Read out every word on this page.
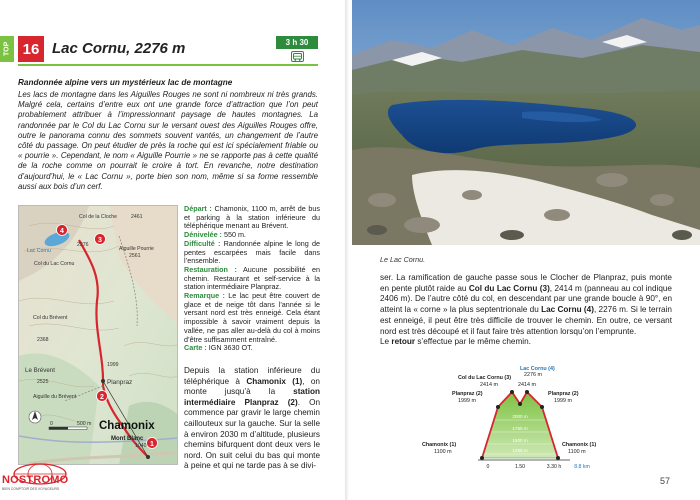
TOP 16 Lac Cornu, 2276 m	3 h 30
Randonnée alpine vers un mystérieux lac de montagne
Les lacs de montagne dans les Aiguilles Rouges ne sont ni nombreux ni très grands. Malgré cela, certains d’entre eux ont une grande force d’attraction que l’on peut probablement attribuer à l’impressionnant paysage de hautes montagnes. La randonnée par le Col du Lac Cornu sur le versant ouest des Aiguilles Rouges offre, outre le panorama connu des sommets souvent vantés, un changement de l’autre côté du passage. On peut étudier de près la roche qui est ici spécialement friable ou « pourrie ». Cependant, le nom « Aiguille Pourrie » ne se rapporte pas à cette qualité de la roche comme on pourrait le croire à tort. En revanche, notre destination d’aujourd’hui, le « Lac Cornu », porte bien son nom, même si sa forme ressemble aussi aux bois d’un cerf.
1
2
3
4
Col de la Cloche	2461
Aiguille Pourrie
2561
2276
Lac Cornu
Col du Lac Cornu
Col du Brévent
2368
1999
Planpraz
Le Brévent
2525
Aiguille du Brévent
Chamonix
Mont Blanc
1040
0	500 m
Départ : Chamonix, 1100 m, arrêt de bus et parking à la station inférieure du téléphérique menant au Brévent.
Dénivelée : 550 m.
Difficulté : Randonnée alpine le long de pentes escarpées mais facile dans l’ensemble.
Restauration : Aucune possibilité en chemin. Restaurant et self-service à la station intermédiaire Planpraz.
Remarque : Le lac peut être couvert de glace et de neige tôt dans l’année si le versant nord est très enneigé. Cela étant impossible à savoir vraiment depuis la vallée, ne pas aller au-delà du col à moins d’être suffisamment entraîné.
Carte : IGN 3630 OT.
Depuis la station inférieure du téléphérique à Chamonix (1), on monte jusqu’à la station intermédiaire Planpraz (2). On commence par gravir le large chemin caillouteux sur la gauche. Sur la selle à environ 2030 m d’altitude, plusieurs chemins bifurquent dont deux vers le nord. On suit celui du bas qui monte à peine et qui ne tarde pas à se divi-
NOSTROMO
BIEN COMPTOIR DES VOYAGEURS
Le Lac Cornu.
ser. La ramification de gauche passe sous le Clocher de Planpraz, puis monte en pente plutôt raide au Col du Lac Cornu (3), 2414 m (panneau au col indique 2406 m). De l’autre côté du col, en descendant par une grande boucle à 90°, en atteint la « corne » la plus septentrionale du Lac Cornu (4), 2276 m. Si le terrain est enneigé, il peut être très difficile de trouver le chemin. En outre, ce versant nord est très découpé et il faut faire très attention lorsqu’on l’emprunte.
Le retour s’effectue par le même chemin.
Lac Cornu (4)
2276 m
Col du Lac Cornu (3)
2414 m	2414 m
Planpraz (2)
1999 m
Planpraz (2)
1999 m
Chamonix (1)
1100 m
Chamonix (1)
1100 m
2000 m
1750 m
1500 m
1250 m
0	1.50	3.30 h 8.8 km
57
